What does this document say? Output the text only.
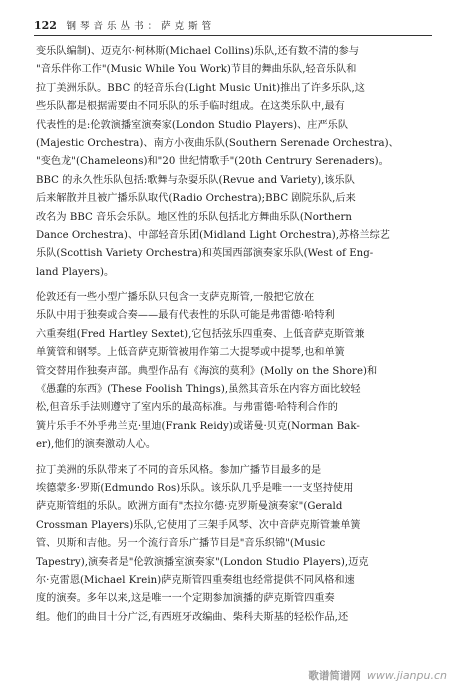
122 钢 琴 音 乐 丛 书 ： 萨 克 斯 管
变乐队编制)、迈克尔·柯林斯(Michael Collins)乐队,还有数不清的参与
"音乐伴你工作"(Music While You Work)节目的舞曲乐队,轻音乐队和
拉丁美洲乐队。BBC 的轻音乐台(Light Music Unit)推出了许多乐队,这
些乐队都是根据需要由不同乐队的乐手临时组成。在这类乐队中,最有
代表性的是:伦敦演播室演奏家(London Studio Players)、庄严乐队
(Majestic Orchestra)、南方小夜曲乐队(Southern Serenade Orchestra)、
"变色龙"(Chameleons)和"20 世纪情歌手"(20th Centrury Serenaders)。
BBC 的永久性乐队包括:歌舞与杂耍乐队(Revue and Variety),该乐队
后来解散并且被广播乐队取代(Radio Orchestra);BBC 剧院乐队,后来
改名为 BBC 音乐会乐队。地区性的乐队包括北方舞曲乐队(Northern
Dance Orchestra)、中部轻音乐团(Midland Light Orchestra),苏格兰综艺
乐队(Scottish Variety Orchestra)和英国西部演奏家乐队(West of Eng-
land Players)。
伦敦还有一些小型广播乐队只包含一支萨克斯管,一般把它放在
乐队中用于独奏或合奏——最有代表性的乐队可能是弗雷德·哈特利
六重奏组(Fred Hartley Sextet),它包括弦乐四重奏、上低音萨克斯管兼
单簧管和钢琴。上低音萨克斯管被用作第二大提琴或中提琴,也和单簧
管交替用作独奏声部。典型作品有《海滨的莫利》(Molly on the Shore)和
《愚蠢的东西》(These Foolish Things),虽然其音乐在内容方面比较轻
松,但音乐手法则遵守了室内乐的最高标准。与弗雷德·哈特利合作的
簧片乐手不外乎弗兰克·里迪(Frank Reidy)或诺曼·贝克(Norman Bak-
er),他们的演奏激动人心。
拉丁美洲的乐队带来了不同的音乐风格。参加广播节目最多的是
埃德蒙多·罗斯(Edmundo Ros)乐队。该乐队几乎是唯一一支坚持使用
萨克斯管组的乐队。欧洲方面有"杰拉尔德·克罗斯曼演奏家"(Gerald
Crossman Players)乐队,它使用了三架手风琴、次中音萨克斯管兼单簧
管、贝斯和吉他。另一个流行音乐广播节目是"音乐织锦"(Music
Tapestry),演奏者是"伦敦演播室演奏家"(London Studio Players),迈克
尔·克雷恩(Michael Krein)萨克斯管四重奏组也经常提供不同风格和速
度的演奏。多年以来,这是唯一一个定期参加演播的萨克斯管四重奏
组。他们的曲目十分广泛,有西班牙改编曲、柴科夫斯基的轻松作品,还
歌谱简谱网 www.jianpu.cn
